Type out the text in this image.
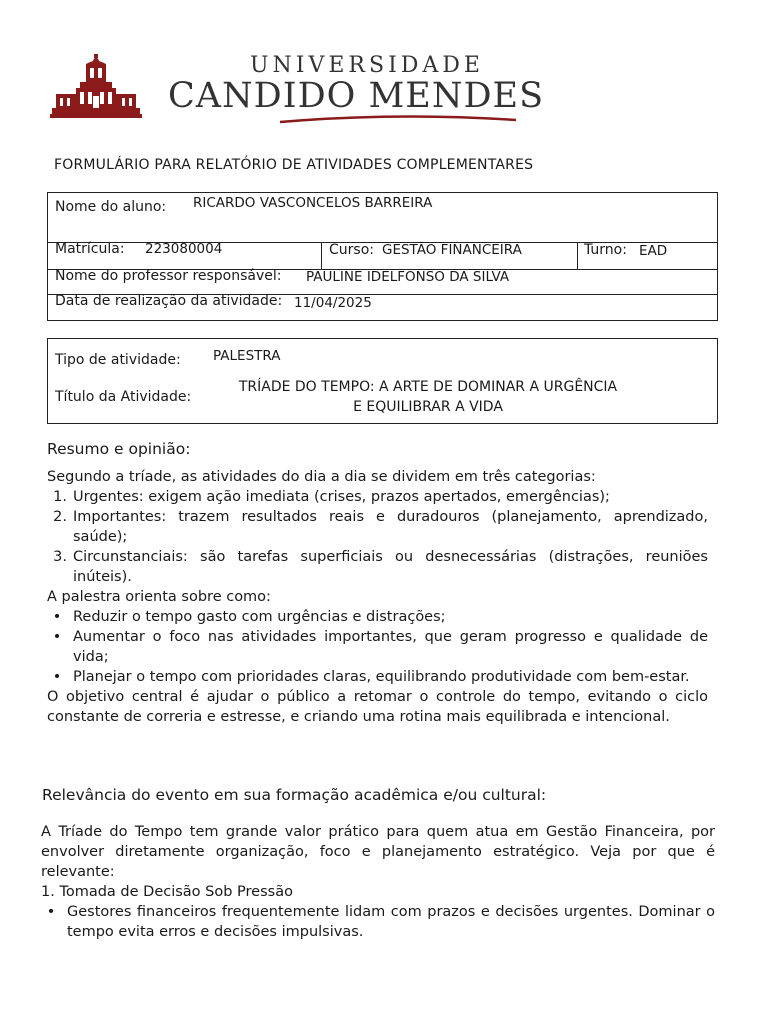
UNIVERSIDADE
CANDIDO MENDES
FORMULÁRIO PARA RELATÓRIO DE ATIVIDADES COMPLEMENTARES
Nome do aluno: RICARDO VASCONCELOS BARREIRA
Matrícula: 223080004	Curso: GESTÃO FINANCEIRA	Turno: EAD
Nome do professor responsável: PAULINE IDELFONSO DA SILVA
Data de realização da atividade: 11/04/2025
Tipo de atividade: PALESTRA
Título da Atividade:
TRÍADE DO TEMPO: A ARTE DE DOMINAR A URGÊNCIA
E EQUILIBRAR A VIDA
Resumo e opinião:

Segundo a tríade, as atividades do dia a dia se dividem em três categorias:

1. Urgentes: exigem ação imediata (crises, prazos apertados, emergências);
2. Importantes: trazem resultados reais e duradouros (planejamento, aprendizado, saúde);
3. Circunstanciais: são tarefas superficiais ou desnecessárias (distrações, reuniões inúteis).

A palestra orienta sobre como:

• Reduzir o tempo gasto com urgências e distrações;
• Aumentar o foco nas atividades importantes, que geram progresso e qualidade de vida;
• Planejar o tempo com prioridades claras, equilibrando produtividade com bem-estar.

O objetivo central é ajudar o público a retomar o controle do tempo, evitando o ciclo constante de correria e estresse, e criando uma rotina mais equilibrada e intencional.

Relevância do evento em sua formação acadêmica e/ou cultural:

A Tríade do Tempo tem grande valor prático para quem atua em Gestão Financeira, por envolver diretamente organização, foco e planejamento estratégico. Veja por que é relevante:

1. Tomada de Decisão Sob Pressão

• Gestores financeiros frequentemente lidam com prazos e decisões urgentes. Dominar o tempo evita erros e decisões impulsivas.
